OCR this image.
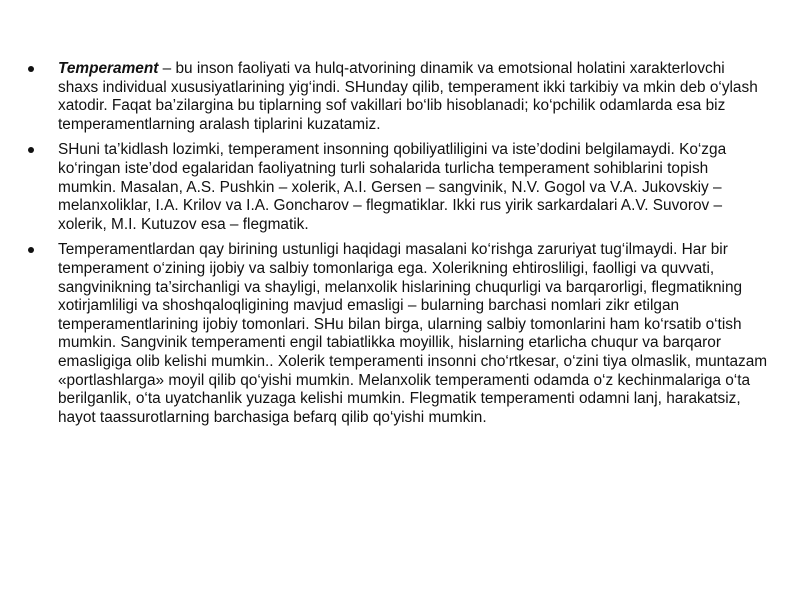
Temperament – bu inson faoliyati va hulq-atvorining dinamik va emotsional holatini xarakterlovchi shaxs individual xususiyatlarining yig‘indi. SHunday qilib, temperament ikki tarkibiy va mkin deb o‘ylash xatodir. Faqat ba’zilargina bu tiplarning sof vakillari bo‘lib hisoblanadi; ko‘pchilik odamlarda esa biz temperamentlarning aralash tiplarini kuzatamiz.
SHuni ta’kidlash lozimki, temperament insonning qobiliyatliligini va iste’dodini belgilamaydi. Ko‘zga ko‘ringan iste’dod egalaridan faoliyatning turli sohalarida turlicha temperament sohiblarini topish mumkin. Masalan, A.S. Pushkin – xolerik, A.I. Gersen – sangvinik, N.V. Gogol va V.A. Jukovskiy – melanxoliklar, I.A. Krilov va I.A. Goncharov – flegmatiklar. Ikki rus yirik sarkardalari A.V. Suvorov – xolerik, M.I. Kutuzov esa – flegmatik.
Temperamentlardan qay birining ustunligi haqidagi masalani ko‘rishga zaruriyat tug‘ilmaydi. Har bir temperament o‘zining ijobiy va salbiy tomonlariga ega. Xolerikning ehtirosliligi, faolligi va quvvati, sangvinikning ta’sirchanligi va shayligi, melanxolik hislarining chuqurligi va barqarorligi, flegmatikning xotirjamliligi va shoshqaloqligining mavjud emasligi – bularning barchasi nomlari zikr etilgan temperamentlarining ijobiy tomonlari. SHu bilan birga, ularning salbiy tomonlarini ham ko‘rsatib o‘tish mumkin. Sangvinik temperamenti engil tabiatlikka moyillik, hislarning etarlicha chuqur va barqaror emasligiga olib kelishi mumkin.. Xolerik temperamenti insonni cho‘rtkesar, o‘zini tiya olmaslik, muntazam «portlashlarga» moyil qilib qo‘yishi mumkin. Melanxolik temperamenti odamda o‘z kechinmalariga o‘ta berilganlik, o‘ta uyatchanlik yuzaga kelishi mumkin. Flegmatik temperamenti odamni lanj, harakatsiz, hayot taassurotlarning barchasiga befarq qilib qo‘yishi mumkin.
